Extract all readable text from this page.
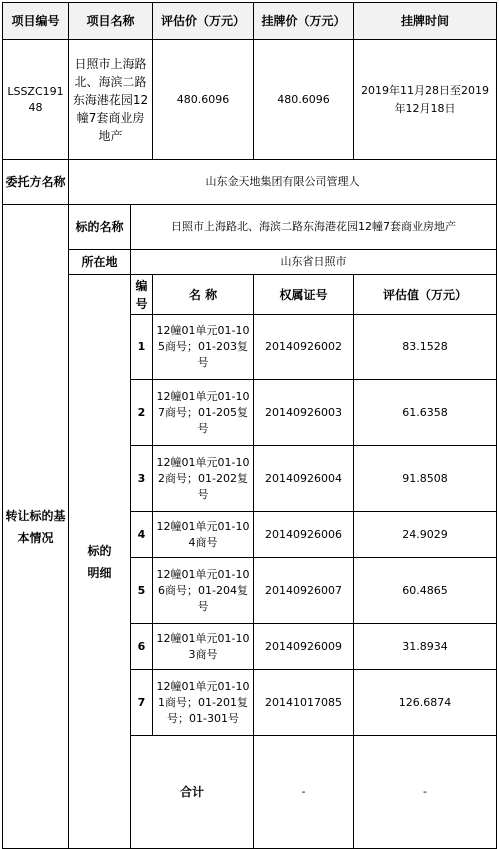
项目编号	项目名称		评估价（万元）	挂牌价（万元）	挂牌时间	
LSSZC19148	日照市上海路北、海滨二路东海港花园12幢7套商业房地产		480.6096	480.6096	2019年11月28日至2019年12月18日	
委托方名称	山东金天地集团有限公司管理人					
转让标的基本情况	标的名称	日照市上海路北、海滨二路东海港花园12幢7套商业房地产				
	所在地	山东省日照市				
	标的明细	编号	名 称	权属证号	评估值（万元）	
		1	12幢01单元01-105商号；01-203复号	20140926002	83.1528	
		2	12幢01单元01-107商号；01-205复号	20140926003	61.6358	
		3	12幢01单元01-102商号；01-202复号	20140926004	91.8508	
		4	12幢01单元01-104商号	20140926006	24.9029	
		5	12幢01单元01-106商号；01-204复号	20140926007	60.4865	
		6	12幢01单元01-103商号	20140926009	31.8934	
		7	12幢01单元01-101商号；01-201复号；01-301号	20141017085	126.6874	
		合计		-	-	
